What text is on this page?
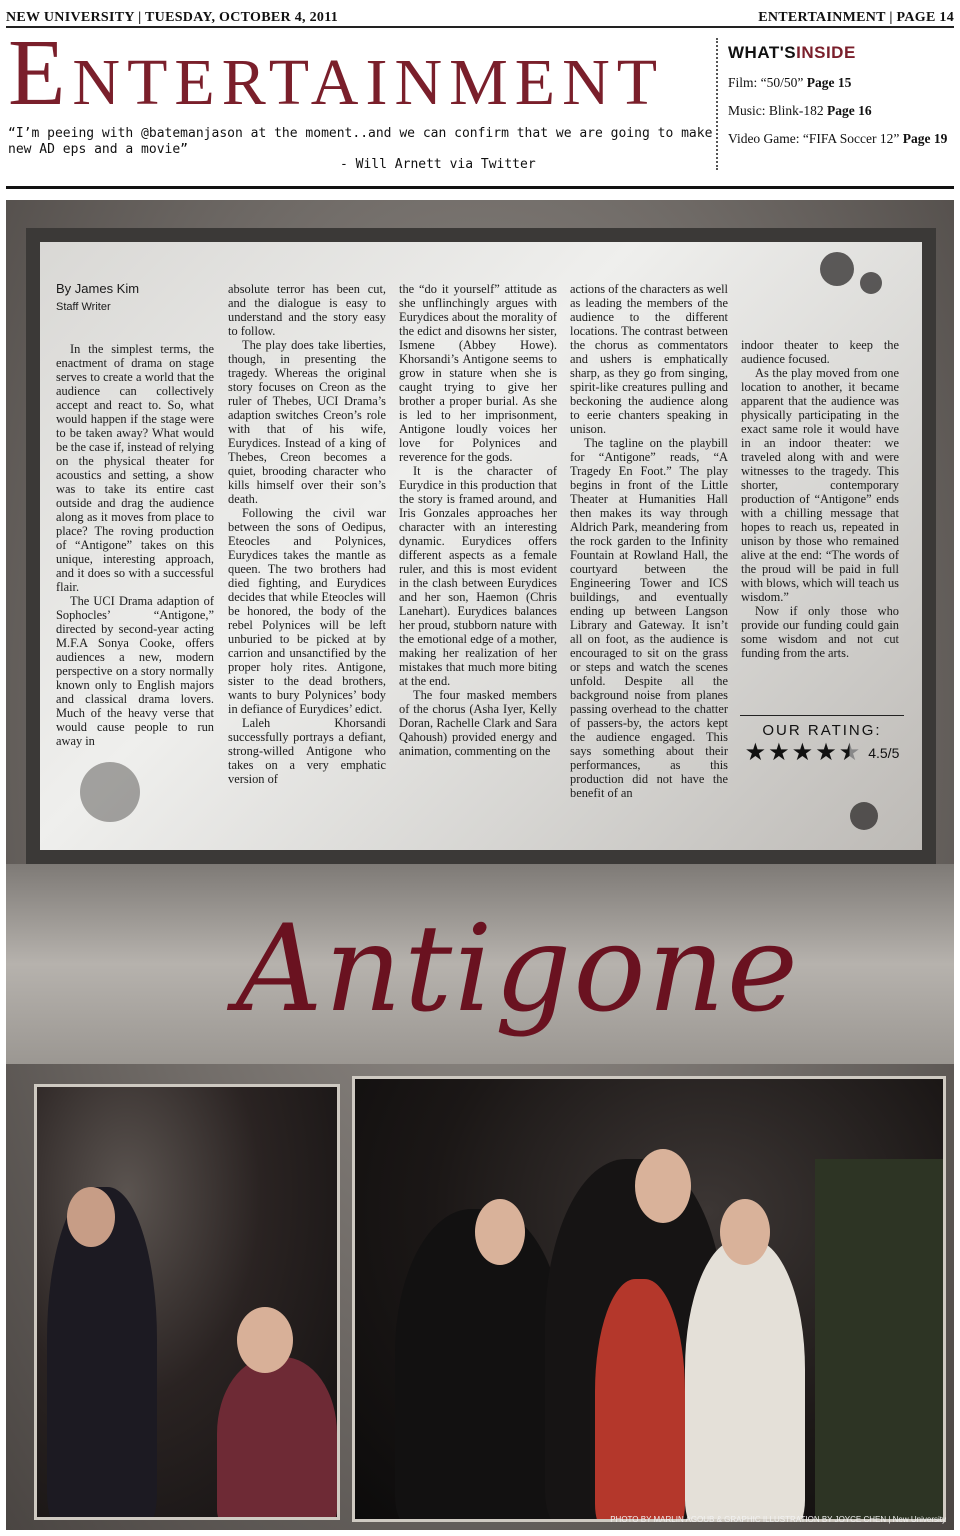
NEW UNIVERSITY | TUESDAY, OCTOBER 4, 2011	ENTERTAINMENT | PAGE 14
Entertainment
“I’m peeing with @batemanjason at the moment..and we can confirm that we are going to make new AD eps and a movie”
- Will Arnett via Twitter
WHAT'SINSIDE
Film: “50/50” Page 15
Music: Blink-182 Page 16
Video Game: “FIFA Soccer 12” Page 19
By James Kim
Staff Writer

In the simplest terms, the enactment of drama on stage serves to create a world that the audience can collectively accept and react to. So, what would happen if the stage were to be taken away? What would be the case if, instead of relying on the physical theater for acoustics and setting, a show was to take its entire cast outside and drag the audience along as it moves from place to place? The roving production of “Antigone” takes on this unique, interesting approach, and it does so with a successful flair.

The UCI Drama adaption of Sophocles’ “Antigone,” directed by second-year acting M.F.A Sonya Cooke, offers audiences a new, modern perspective on a story normally known only to English majors and classical drama lovers. Much of the heavy verse that would cause people to run away in

absolute terror has been cut, and the dialogue is easy to understand and the story easy to follow.

The play does take liberties, though, in presenting the tragedy. Whereas the original story focuses on Creon as the ruler of Thebes, UCI Drama’s adaption switches Creon’s role with that of his wife, Eurydices. Instead of a king of Thebes, Creon becomes a quiet, brooding character who kills himself over their son’s death.

Following the civil war between the sons of Oedipus, Eteocles and Polynices, Eurydices takes the mantle as queen. The two brothers had died fighting, and Eurydices decides that while Eteocles will be honored, the body of the rebel Polynices will be left unburied to be picked at by carrion and unsanctified by the proper holy rites. Antigone, sister to the dead brothers, wants to bury Polynices’ body in defiance of Eurydices’ edict.

Laleh Khorsandi successfully portrays a defiant, strong-willed Antigone who takes on a very emphatic version of

the “do it yourself” attitude as she unflinchingly argues with Eurydices about the morality of the edict and disowns her sister, Ismene (Abbey Howe). Khorsandi’s Antigone seems to grow in stature when she is caught trying to give her brother a proper burial. As she is led to her imprisonment, Antigone loudly voices her love for Polynices and reverence for the gods.

It is the character of Eurydice in this production that the story is framed around, and Iris Gonzales approaches her character with an interesting dynamic. Eurydices offers different aspects as a female ruler, and this is most evident in the clash between Eurydices and her son, Haemon (Chris Lanehart). Eurydices balances her proud, stubborn nature with the emotional edge of a mother, making her realization of her mistakes that much more biting at the end.

The four masked members of the chorus (Asha Iyer, Kelly Doran, Rachelle Clark and Sara Qahoush) provided energy and animation, commenting on the

actions of the characters as well as leading the members of the audience to the different locations. The contrast between the chorus as commentators and ushers is emphatically sharp, as they go from singing, spirit-like creatures pulling and beckoning the audience along to eerie chanters speaking in unison.

The tagline on the playbill for “Antigone” reads, “A Tragedy En Foot.” The play begins in front of the Little Theater at Humanities Hall then makes its way through Aldrich Park, meandering from the rock garden to the Infinity Fountain at Rowland Hall, the courtyard between the Engineering Tower and ICS buildings, and eventually ending up between Langson Library and Gateway. It isn’t all on foot, as the audience is encouraged to sit on the grass or steps and watch the scenes unfold. Despite all the background noise from planes passing overhead to the chatter of passers-by, the actors kept the audience engaged. This says something about their performances, as this production did not have the benefit of an

indoor theater to keep the audience focused.

As the play moved from one location to another, it became apparent that the audience was physically participating in the exact same role it would have in an indoor theater: we traveled along with and were witnesses to the tragedy. This shorter, contemporary production of “Antigone” ends with a chilling message that hopes to reach us, repeated in unison by those who remained alive at the end: “The words of the proud will be paid in full with blows, which will teach us wisdom.”

Now if only those who provide our funding could gain some wisdom and not cut funding from the arts.

OUR RATING:
★ ★ ★ ★ ★ 4.5/5
Antigone
PHOTO BY MARLIN AGOUB & GRAPHIC ILLUSTRATION BY JOYCE CHEN | New University
